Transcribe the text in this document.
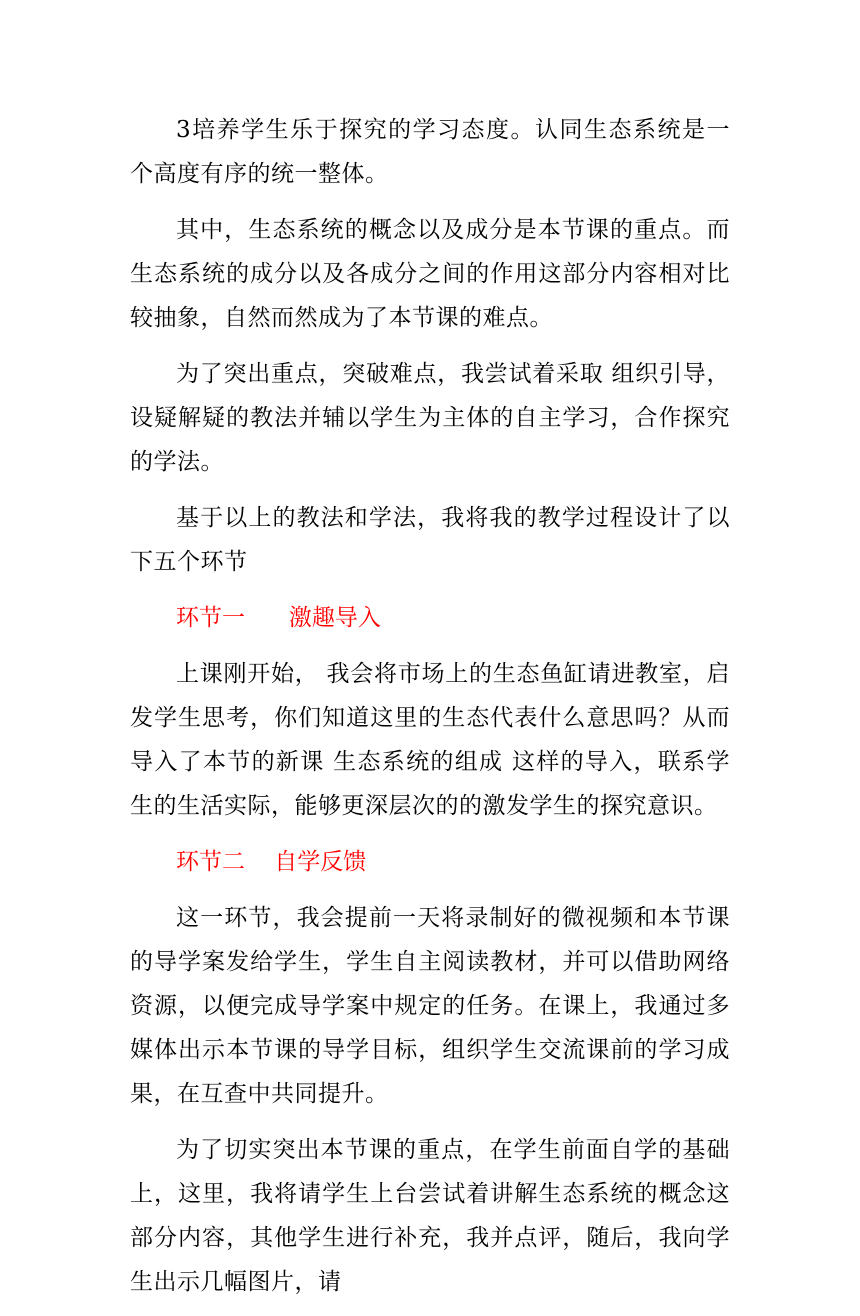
3培养学生乐于探究的学习态度。认同生态系统是一个高度有序的统一整体。

其中，生态系统的概念以及成分是本节课的重点。而生态系统的成分以及各成分之间的作用这部分内容相对比较抽象，自然而然成为了本节课的难点。

为了突出重点，突破难点，我尝试着采取 组织引导，设疑解疑的教法并辅以学生为主体的自主学习，合作探究的学法。

基于以上的教法和学法，我将我的教学过程设计了以下五个环节

环节一      激趣导入

上课刚开始， 我会将市场上的生态鱼缸请进教室，启发学生思考，你们知道这里的生态代表什么意思吗？从而导入了本节的新课 生态系统的组成 这样的导入，联系学生的生活实际，能够更深层次的的激发学生的探究意识。

环节二    自学反馈

这一环节，我会提前一天将录制好的微视频和本节课的导学案发给学生，学生自主阅读教材，并可以借助网络资源，以便完成导学案中规定的任务。在课上，我通过多媒体出示本节课的导学目标，组织学生交流课前的学习成果，在互查中共同提升。

为了切实突出本节课的重点，在学生前面自学的基础上，这里，我将请学生上台尝试着讲解生态系统的概念这部分内容，其他学生进行补充，我并点评，随后，我向学生出示几幅图片，请
